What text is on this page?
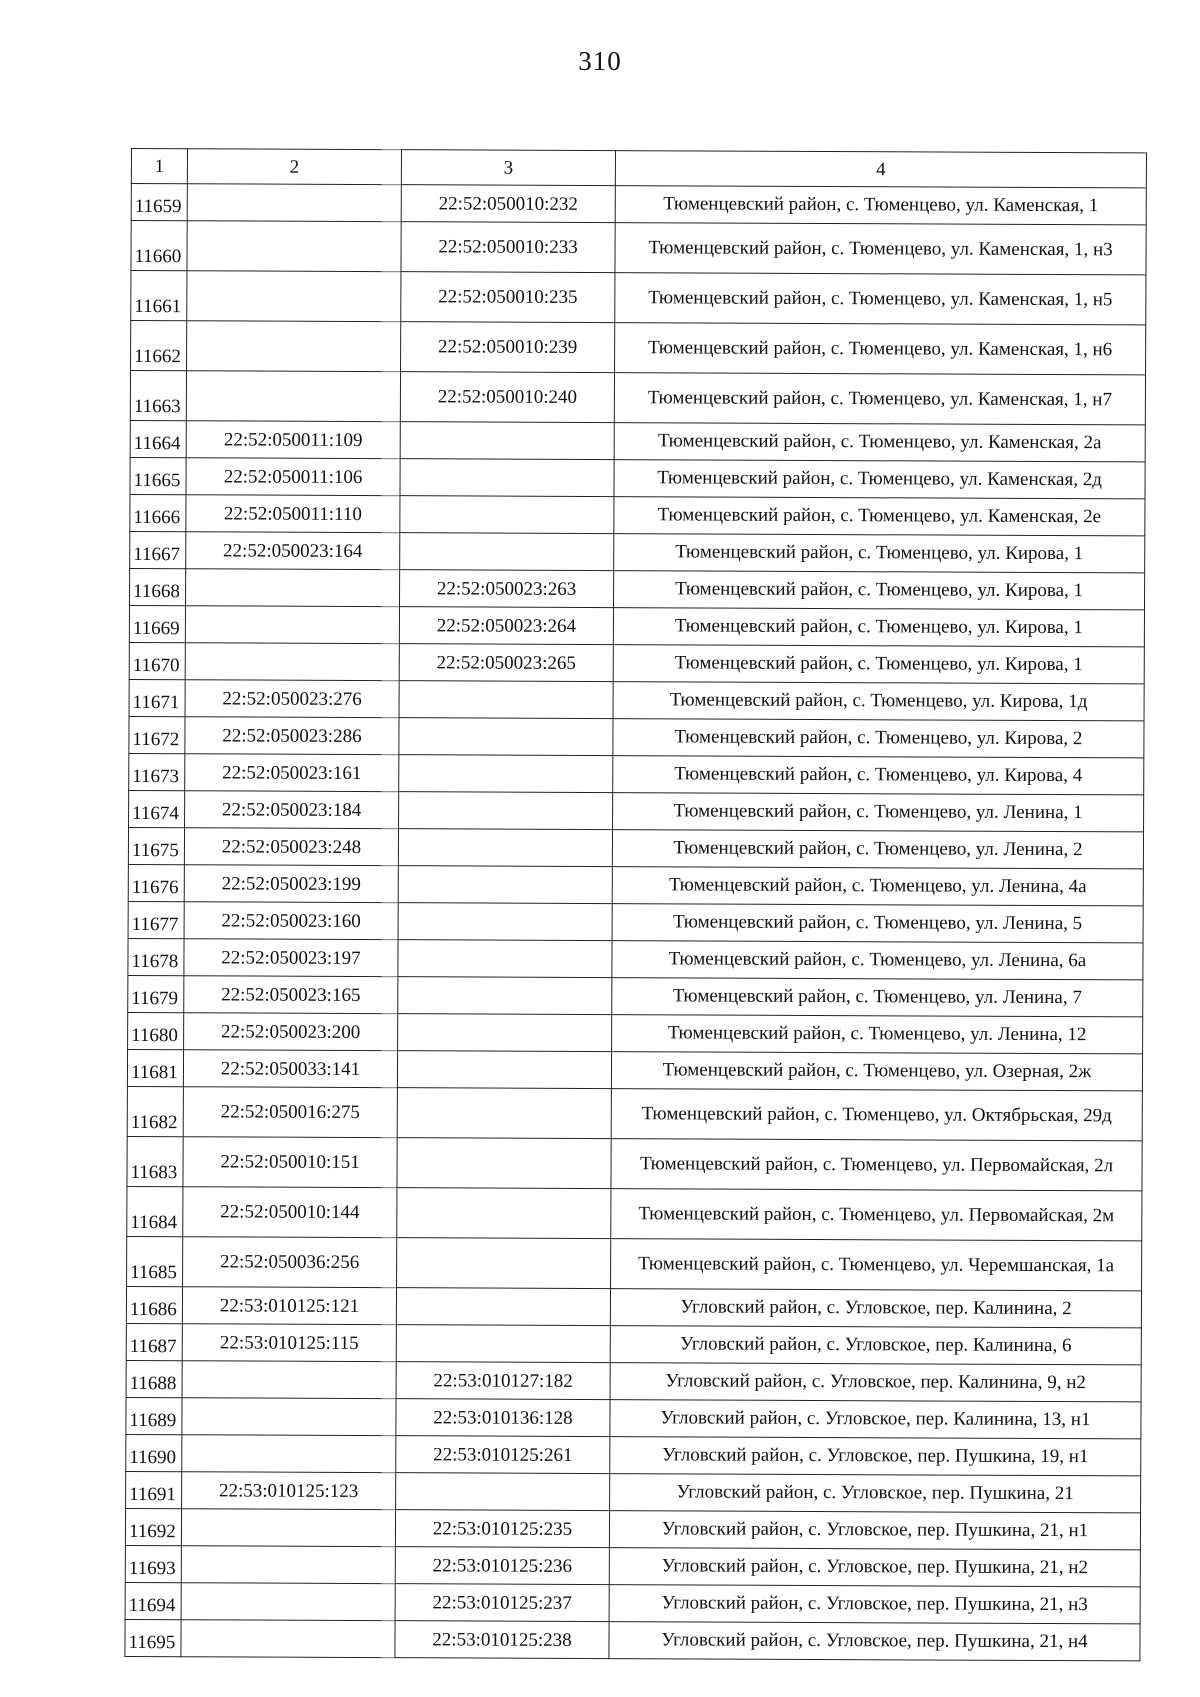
310
1	2	3	4
11659		22:52:050010:232	Тюменцевский район, с. Тюменцево, ул. Каменская, 1
11660		22:52:050010:233	Тюменцевский район, с. Тюменцево, ул. Каменская, 1, н3
11661		22:52:050010:235	Тюменцевский район, с. Тюменцево, ул. Каменская, 1, н5
11662		22:52:050010:239	Тюменцевский район, с. Тюменцево, ул. Каменская, 1, н6
11663		22:52:050010:240	Тюменцевский район, с. Тюменцево, ул. Каменская, 1, н7
11664	22:52:050011:109		Тюменцевский район, с. Тюменцево, ул. Каменская, 2а
11665	22:52:050011:106		Тюменцевский район, с. Тюменцево, ул. Каменская, 2д
11666	22:52:050011:110		Тюменцевский район, с. Тюменцево, ул. Каменская, 2е
11667	22:52:050023:164		Тюменцевский район, с. Тюменцево, ул. Кирова, 1
11668		22:52:050023:263	Тюменцевский район, с. Тюменцево, ул. Кирова, 1
11669		22:52:050023:264	Тюменцевский район, с. Тюменцево, ул. Кирова, 1
11670		22:52:050023:265	Тюменцевский район, с. Тюменцево, ул. Кирова, 1
11671	22:52:050023:276		Тюменцевский район, с. Тюменцево, ул. Кирова, 1д
11672	22:52:050023:286		Тюменцевский район, с. Тюменцево, ул. Кирова, 2
11673	22:52:050023:161		Тюменцевский район, с. Тюменцево, ул. Кирова, 4
11674	22:52:050023:184		Тюменцевский район, с. Тюменцево, ул. Ленина, 1
11675	22:52:050023:248		Тюменцевский район, с. Тюменцево, ул. Ленина, 2
11676	22:52:050023:199		Тюменцевский район, с. Тюменцево, ул. Ленина, 4а
11677	22:52:050023:160		Тюменцевский район, с. Тюменцево, ул. Ленина, 5
11678	22:52:050023:197		Тюменцевский район, с. Тюменцево, ул. Ленина, 6а
11679	22:52:050023:165		Тюменцевский район, с. Тюменцево, ул. Ленина, 7
11680	22:52:050023:200		Тюменцевский район, с. Тюменцево, ул. Ленина, 12
11681	22:52:050033:141		Тюменцевский район, с. Тюменцево, ул. Озерная, 2ж
11682	22:52:050016:275		Тюменцевский район, с. Тюменцево, ул. Октябрьская, 29д
11683	22:52:050010:151		Тюменцевский район, с. Тюменцево, ул. Первомайская, 2л
11684	22:52:050010:144		Тюменцевский район, с. Тюменцево, ул. Первомайская, 2м
11685	22:52:050036:256		Тюменцевский район, с. Тюменцево, ул. Черемшанская, 1а
11686	22:53:010125:121		Угловский район, с. Угловское, пер. Калинина, 2
11687	22:53:010125:115		Угловский район, с. Угловское, пер. Калинина, 6
11688		22:53:010127:182	Угловский район, с. Угловское, пер. Калинина, 9, н2
11689		22:53:010136:128	Угловский район, с. Угловское, пер. Калинина, 13, н1
11690		22:53:010125:261	Угловский район, с. Угловское, пер. Пушкина, 19, н1
11691	22:53:010125:123		Угловский район, с. Угловское, пер. Пушкина, 21
11692		22:53:010125:235	Угловский район, с. Угловское, пер. Пушкина, 21, н1
11693		22:53:010125:236	Угловский район, с. Угловское, пер. Пушкина, 21, н2
11694		22:53:010125:237	Угловский район, с. Угловское, пер. Пушкина, 21, н3
11695		22:53:010125:238	Угловский район, с. Угловское, пер. Пушкина, 21, н4
